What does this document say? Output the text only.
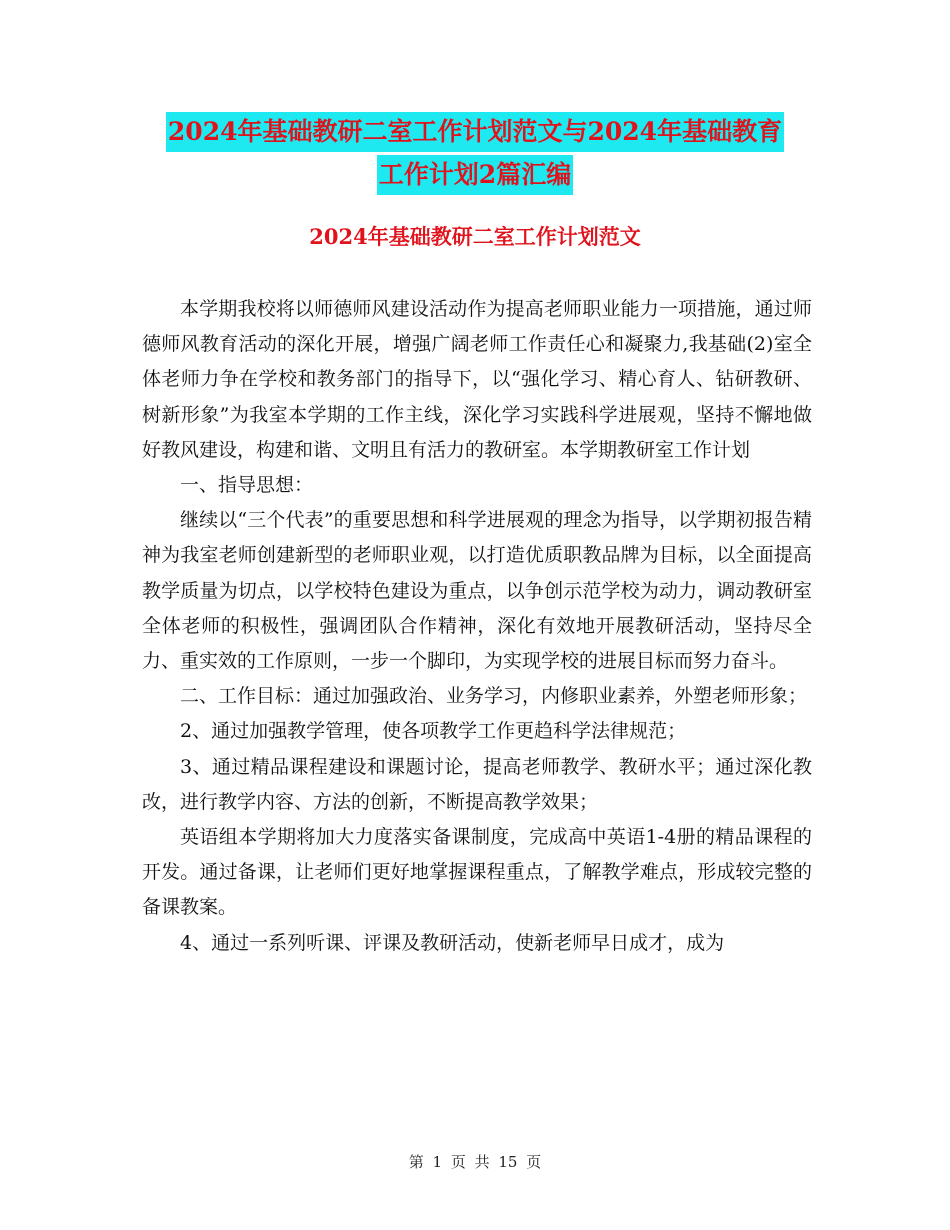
2024年基础教研二室工作计划范文与2024年基础教育
工作计划2篇汇编
2024年基础教研二室工作计划范文

本学期我校将以师德师风建设活动作为提高老师职业能力一项措施，通过师德师风教育活动的深化开展，增强广阔老师工作责任心和凝聚力,我基础(2)室全体老师力争在学校和教务部门的指导下，以“强化学习、精心育人、钻研教研、树新形象”为我室本学期的工作主线，深化学习实践科学进展观，坚持不懈地做好教风建设，构建和谐、文明且有活力的教研室。本学期教研室工作计划

一、指导思想：

继续以“三个代表”的重要思想和科学进展观的理念为指导，以学期初报告精神为我室老师创建新型的老师职业观，以打造优质职教品牌为目标，以全面提高教学质量为切点，以学校特色建设为重点，以争创示范学校为动力，调动教研室全体老师的积极性，强调团队合作精神，深化有效地开展教研活动，坚持尽全力、重实效的工作原则，一步一个脚印，为实现学校的进展目标而努力奋斗。

二、工作目标：通过加强政治、业务学习，内修职业素养，外塑老师形象；

2、通过加强教学管理，使各项教学工作更趋科学法律规范；

3、通过精品课程建设和课题讨论，提高老师教学、教研水平；通过深化教改，进行教学内容、方法的创新，不断提高教学效果；

英语组本学期将加大力度落实备课制度，完成高中英语1-4册的精品课程的开发。通过备课，让老师们更好地掌握课程重点，了解教学难点，形成较完整的备课教案。

4、通过一系列听课、评课及教研活动，使新老师早日成才，成为

第 1 页 共 15 页
